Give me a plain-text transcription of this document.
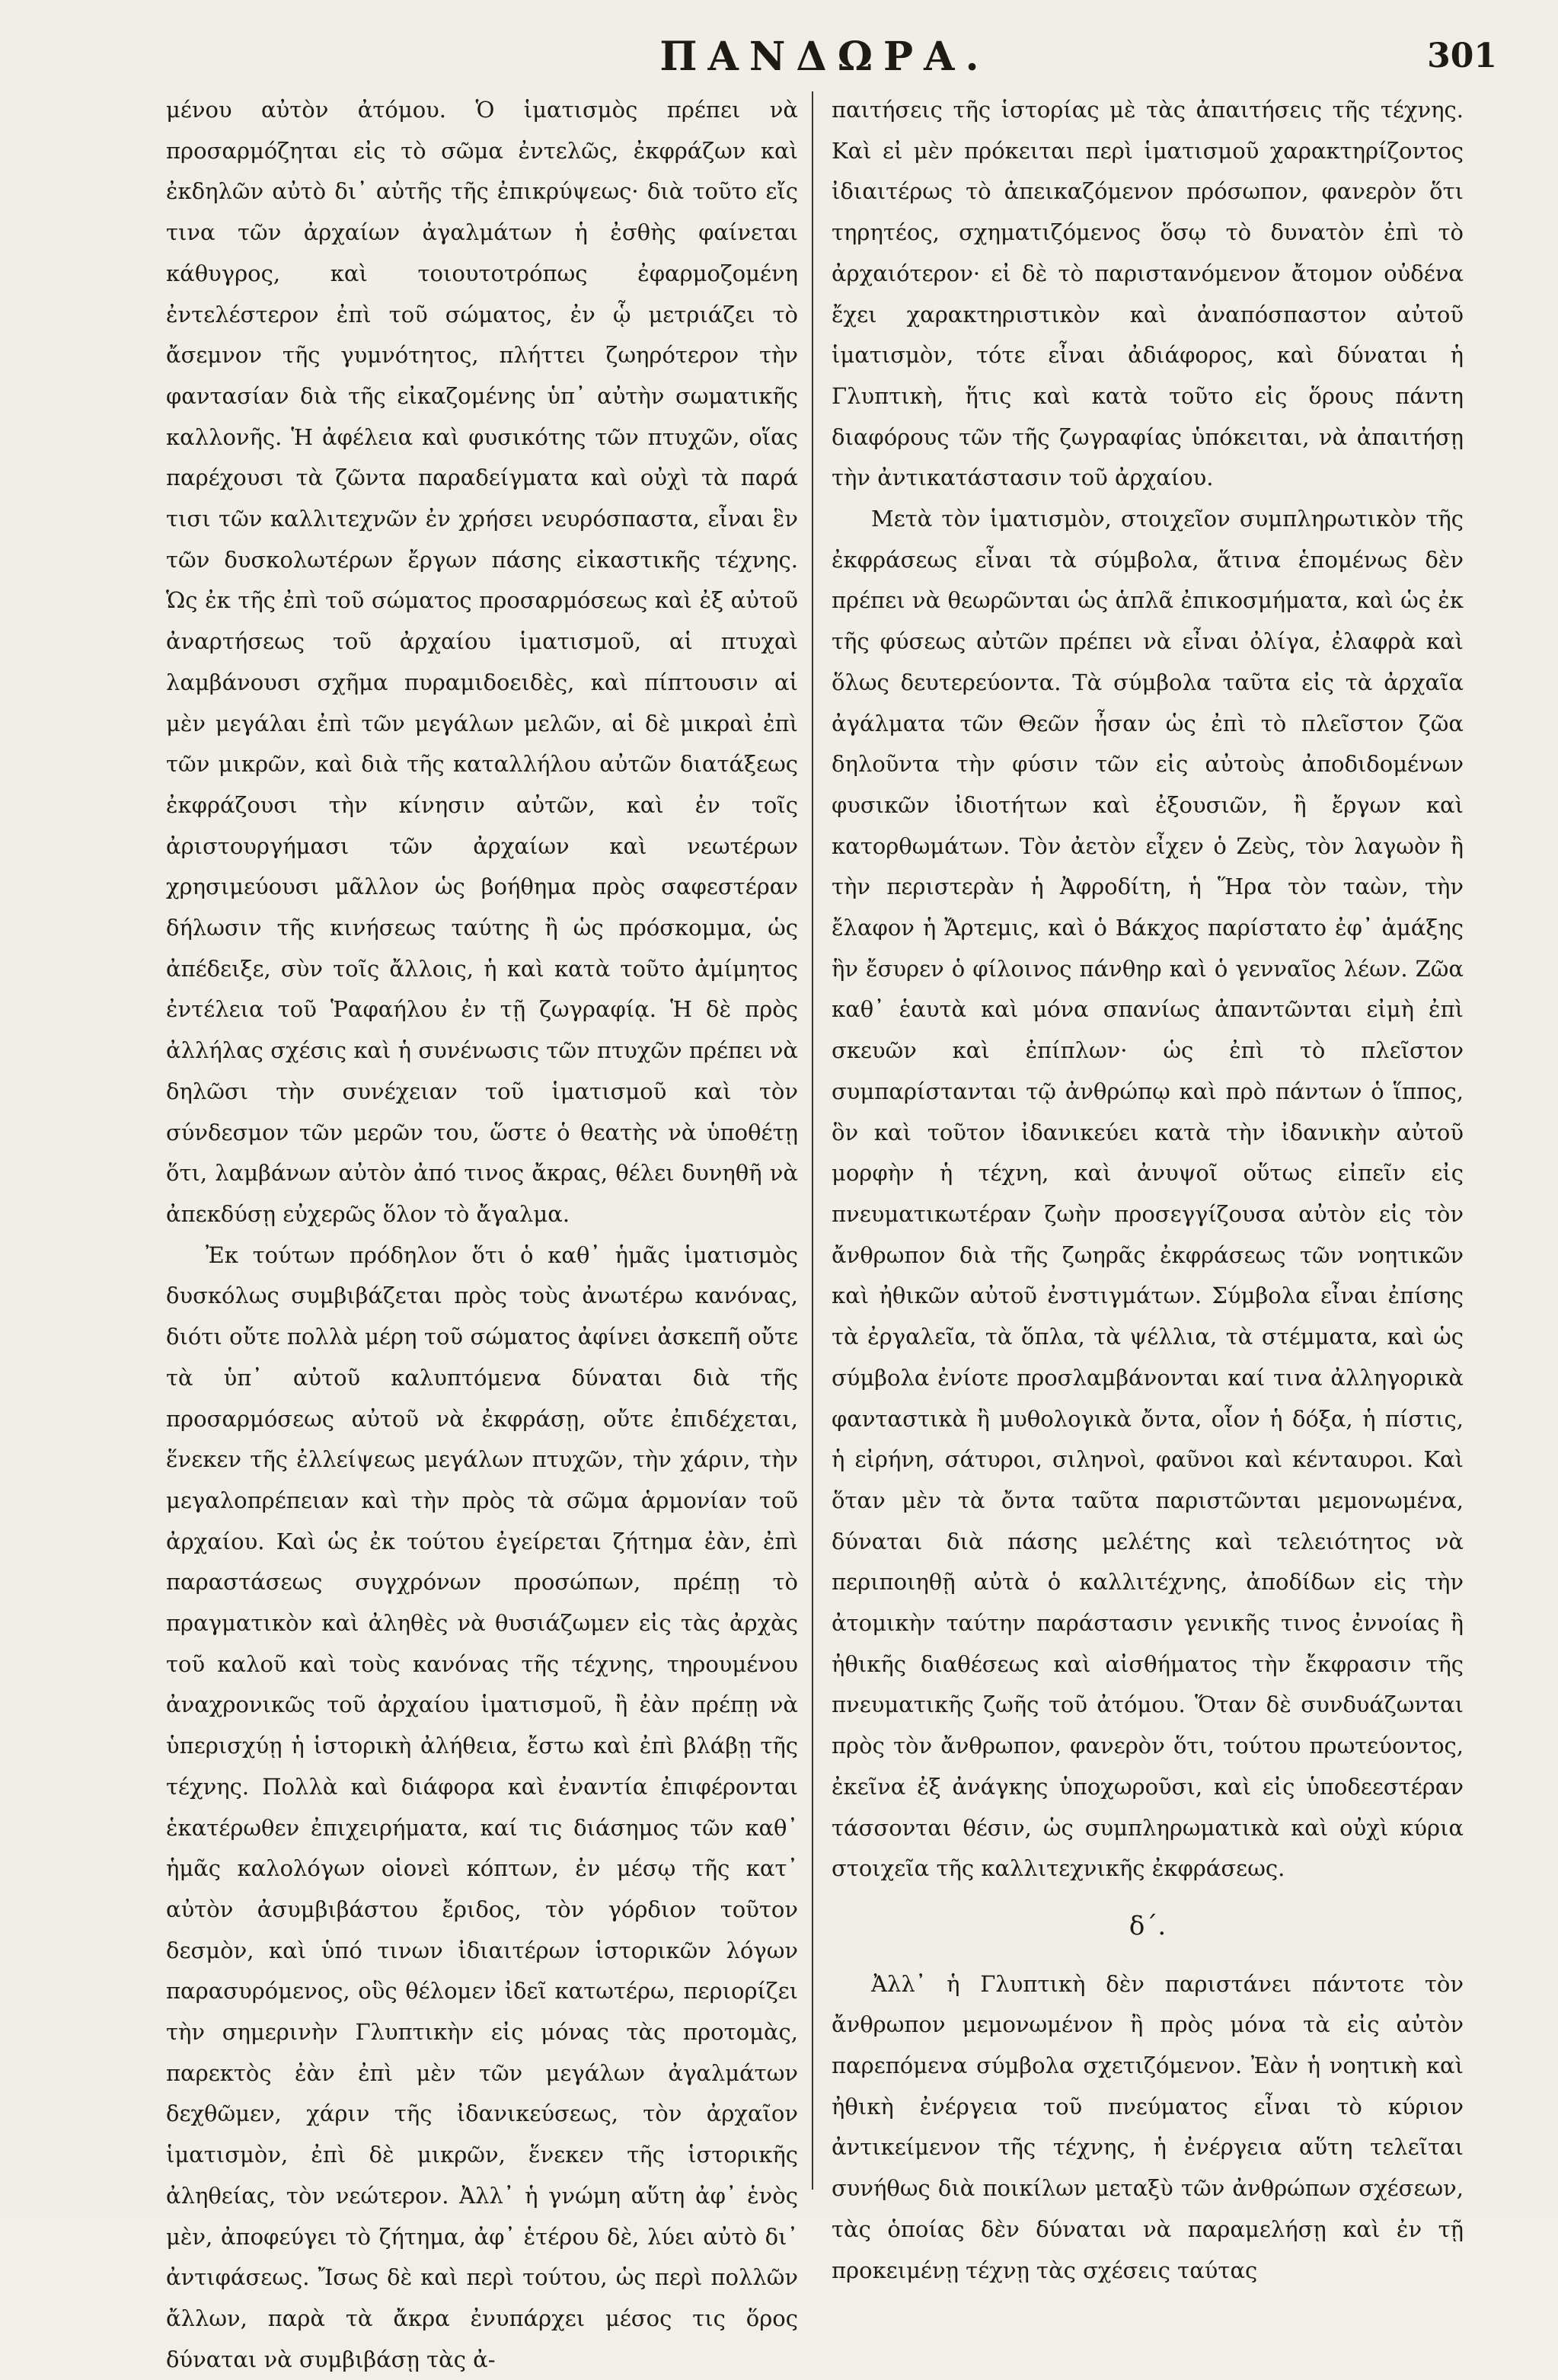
ΠΑΝΔΩΡΑ.	301

μένου αὐτὸν ἀτόμου. Ὁ ἱματισμὸς πρέπει νὰ προσαρμόζηται εἰς τὸ σῶμα ἐντελῶς, ἐκφράζων καὶ ἐκδηλῶν αὐτὸ δι᾽ αὐτῆς τῆς ἐπικρύψεως· διὰ τοῦτο εἴς τινα τῶν ἀρχαίων ἀγαλμάτων ἡ ἐσθὴς φαίνεται κάθυγρος, καὶ τοιουτοτρόπως ἐφαρμοζομένη ἐντελέστερον ἐπὶ τοῦ σώματος, ἐν ᾧ μετριάζει τὸ ἄσεμνον τῆς γυμνότητος, πλήττει ζωηρότερον τὴν φαντασίαν διὰ τῆς εἰκαζομένης ὑπ᾽ αὐτὴν σωματικῆς καλλονῆς. Ἡ ἀφέλεια καὶ φυσικότης τῶν πτυχῶν, οἵας παρέχουσι τὰ ζῶντα παραδείγματα καὶ οὐχὶ τὰ παρά τισι τῶν καλλιτεχνῶν ἐν χρήσει νευρόσπαστα, εἶναι ἓν τῶν δυσκολωτέρων ἔργων πάσης εἰκαστικῆς τέχνης. Ὡς ἐκ τῆς ἐπὶ τοῦ σώματος προσαρμόσεως καὶ ἐξ αὐτοῦ ἀναρτήσεως τοῦ ἀρχαίου ἱματισμοῦ, αἱ πτυχαὶ λαμβάνουσι σχῆμα πυραμιδοειδὲς, καὶ πίπτουσιν αἱ μὲν μεγάλαι ἐπὶ τῶν μεγάλων μελῶν, αἱ δὲ μικραὶ ἐπὶ τῶν μικρῶν, καὶ διὰ τῆς καταλλήλου αὐτῶν διατάξεως ἐκφράζουσι τὴν κίνησιν αὐτῶν, καὶ ἐν τοῖς ἀριστουργήμασι τῶν ἀρχαίων καὶ νεωτέρων χρησιμεύουσι μᾶλλον ὡς βοήθημα πρὸς σαφεστέραν δήλωσιν τῆς κινήσεως ταύτης ἢ ὡς πρόσκομμα, ὡς ἀπέδειξε, σὺν τοῖς ἄλλοις, ἡ καὶ κατὰ τοῦτο ἀμίμητος ἐντέλεια τοῦ Ῥαφαήλου ἐν τῇ ζωγραφίᾳ. Ἡ δὲ πρὸς ἀλλήλας σχέσις καὶ ἡ συνένωσις τῶν πτυχῶν πρέπει νὰ δηλῶσι τὴν συνέχειαν τοῦ ἱματισμοῦ καὶ τὸν σύνδεσμον τῶν μερῶν του, ὥστε ὁ θεατὴς νὰ ὑποθέτῃ ὅτι, λαμβάνων αὐτὸν ἀπό τινος ἄκρας, θέλει δυνηθῆ νὰ ἀπεκδύσῃ εὐχερῶς ὅλον τὸ ἄγαλμα.

Ἐκ τούτων πρόδηλον ὅτι ὁ καθ᾽ ἡμᾶς ἱματισμὸς δυσκόλως συμβιβάζεται πρὸς τοὺς ἀνωτέρω κανόνας, διότι οὔτε πολλὰ μέρη τοῦ σώματος ἀφίνει ἀσκεπῆ οὔτε τὰ ὑπ᾽ αὐτοῦ καλυπτόμενα δύναται διὰ τῆς προσαρμόσεως αὐτοῦ νὰ ἐκφράσῃ, οὔτε ἐπιδέχεται, ἕνεκεν τῆς ἐλλείψεως μεγάλων πτυχῶν, τὴν χάριν, τὴν μεγαλοπρέπειαν καὶ τὴν πρὸς τὰ σῶμα ἁρμονίαν τοῦ ἀρχαίου. Καὶ ὡς ἐκ τούτου ἐγείρεται ζήτημα ἐὰν, ἐπὶ παραστάσεως συγχρόνων προσώπων, πρέπῃ τὸ πραγματικὸν καὶ ἀληθὲς νὰ θυσιάζωμεν εἰς τὰς ἀρχὰς τοῦ καλοῦ καὶ τοὺς κανόνας τῆς τέχνης, τηρουμένου ἀναχρονικῶς τοῦ ἀρχαίου ἱματισμοῦ, ἢ ἐὰν πρέπῃ νὰ ὑπερισχύῃ ἡ ἱστορικὴ ἀλήθεια, ἔστω καὶ ἐπὶ βλάβῃ τῆς τέχνης. Πολλὰ καὶ διάφορα καὶ ἐναντία ἐπιφέρονται ἑκατέρωθεν ἐπιχειρήματα, καί τις διάσημος τῶν καθ᾽ ἡμᾶς καλολόγων οἱονεὶ κόπτων, ἐν μέσῳ τῆς κατ᾽ αὐτὸν ἀσυμβιβάστου ἔριδος, τὸν γόρδιον τοῦτον δεσμὸν, καὶ ὑπό τινων ἰδιαιτέρων ἱστορικῶν λόγων παρασυρόμενος, οὓς θέλομεν ἰδεῖ κατωτέρω, περιορίζει τὴν σημερινὴν Γλυπτικὴν εἰς μόνας τὰς προτομὰς, παρεκτὸς ἐὰν ἐπὶ μὲν τῶν μεγάλων ἀγαλμάτων δεχθῶμεν, χάριν τῆς ἰδανικεύσεως, τὸν ἀρχαῖον ἱματισμὸν, ἐπὶ δὲ μικρῶν, ἕνεκεν τῆς ἱστορικῆς ἀληθείας, τὸν νεώτερον. Ἀλλ᾽ ἡ γνώμη αὕτη ἀφ᾽ ἑνὸς μὲν, ἀποφεύγει τὸ ζήτημα, ἀφ᾽ ἑτέρου δὲ, λύει αὐτὸ δι᾽ ἀντιφάσεως. Ἴσως δὲ καὶ περὶ τούτου, ὡς περὶ πολλῶν ἄλλων, παρὰ τὰ ἄκρα ἐνυπάρχει μέσος τις ὅρος δύναται νὰ συμβιβάσῃ τὰς ἀ-

παιτήσεις τῆς ἱστορίας μὲ τὰς ἀπαιτήσεις τῆς τέχνης. Καὶ εἰ μὲν πρόκειται περὶ ἱματισμοῦ χαρακτηρίζοντος ἰδιαιτέρως τὸ ἀπεικαζόμενον πρόσωπον, φανερὸν ὅτι τηρητέος, σχηματιζόμενος ὅσῳ τὸ δυνατὸν ἐπὶ τὸ ἀρχαιότερον· εἰ δὲ τὸ παριστανόμενον ἄτομον οὐδένα ἔχει χαρακτηριστικὸν καὶ ἀναπόσπαστον αὐτοῦ ἱματισμὸν, τότε εἶναι ἀδιάφορος, καὶ δύναται ἡ Γλυπτικὴ, ἥτις καὶ κατὰ τοῦτο εἰς ὅρους πάντη διαφόρους τῶν τῆς ζωγραφίας ὑπόκειται, νὰ ἀπαιτήσῃ τὴν ἀντικατάστασιν τοῦ ἀρχαίου.

Μετὰ τὸν ἱματισμὸν, στοιχεῖον συμπληρωτικὸν τῆς ἐκφράσεως εἶναι τὰ σύμβολα, ἅτινα ἑπομένως δὲν πρέπει νὰ θεωρῶνται ὡς ἁπλᾶ ἐπικοσμήματα, καὶ ὡς ἐκ τῆς φύσεως αὐτῶν πρέπει νὰ εἶναι ὀλίγα, ἐλαφρὰ καὶ ὅλως δευτερεύοντα. Τὰ σύμβολα ταῦτα εἰς τὰ ἀρχαῖα ἀγάλματα τῶν Θεῶν ἦσαν ὡς ἐπὶ τὸ πλεῖστον ζῶα δηλοῦντα τὴν φύσιν τῶν εἰς αὐτοὺς ἀποδιδομένων φυσικῶν ἰδιοτήτων καὶ ἐξουσιῶν, ἢ ἔργων καὶ κατορθωμάτων. Τὸν ἀετὸν εἶχεν ὁ Ζεὺς, τὸν λαγωὸν ἢ τὴν περιστερὰν ἡ Ἀφροδίτη, ἡ Ἥρα τὸν ταὼν, τὴν ἔλαφον ἡ Ἄρτεμις, καὶ ὁ Βάκχος παρίστατο ἐφ᾽ ἁμάξης ἣν ἔσυρεν ὁ φίλοινος πάνθηρ καὶ ὁ γενναῖος λέων. Ζῶα καθ᾽ ἑαυτὰ καὶ μόνα σπανίως ἀπαντῶνται εἰμὴ ἐπὶ σκευῶν καὶ ἐπίπλων· ὡς ἐπὶ τὸ πλεῖστον συμπαρίστανται τῷ ἀνθρώπῳ καὶ πρὸ πάντων ὁ ἵππος, ὃν καὶ τοῦτον ἰδανικεύει κατὰ τὴν ἰδανικὴν αὐτοῦ μορφὴν ἡ τέχνη, καὶ ἀνυψοῖ οὕτως εἰπεῖν εἰς πνευματικωτέραν ζωὴν προσεγγίζουσα αὐτὸν εἰς τὸν ἄνθρωπον διὰ τῆς ζωηρᾶς ἐκφράσεως τῶν νοητικῶν καὶ ἠθικῶν αὐτοῦ ἐνστιγμάτων. Σύμβολα εἶναι ἐπίσης τὰ ἐργαλεῖα, τὰ ὅπλα, τὰ ψέλλια, τὰ στέμματα, καὶ ὡς σύμβολα ἐνίοτε προσλαμβάνονται καί τινα ἀλληγορικὰ φανταστικὰ ἢ μυθολογικὰ ὄντα, οἷον ἡ δόξα, ἡ πίστις, ἡ εἰρήνη, σάτυροι, σιληνοὶ, φαῦνοι καὶ κένταυροι. Καὶ ὅταν μὲν τὰ ὄντα ταῦτα παριστῶνται μεμονωμένα, δύναται διὰ πάσης μελέτης καὶ τελειότητος νὰ περιποιηθῇ αὐτὰ ὁ καλλιτέχνης, ἀποδίδων εἰς τὴν ἀτομικὴν ταύτην παράστασιν γενικῆς τινος ἐννοίας ἢ ἠθικῆς διαθέσεως καὶ αἰσθήματος τὴν ἔκφρασιν τῆς πνευματικῆς ζωῆς τοῦ ἀτόμου. Ὅταν δὲ συνδυάζωνται πρὸς τὸν ἄνθρωπον, φανερὸν ὅτι, τούτου πρωτεύοντος, ἐκεῖνα ἐξ ἀνάγκης ὑποχωροῦσι, καὶ εἰς ὑποδεεστέραν τάσσονται θέσιν, ὡς συμπληρωματικὰ καὶ οὐχὶ κύρια στοιχεῖα τῆς καλλιτεχνικῆς ἐκφράσεως.

δ΄.

Ἀλλ᾽ ἡ Γλυπτικὴ δὲν παριστάνει πάντοτε τὸν ἄνθρωπον μεμονωμένον ἢ πρὸς μόνα τὰ εἰς αὐτὸν παρεπόμενα σύμβολα σχετιζόμενον. Ἐὰν ἡ νοητικὴ καὶ ἠθικὴ ἐνέργεια τοῦ πνεύματος εἶναι τὸ κύριον ἀντικείμενον τῆς τέχνης, ἡ ἐνέργεια αὕτη τελεῖται συνήθως διὰ ποικίλων μεταξὺ τῶν ἀνθρώπων σχέσεων, τὰς ὁποίας δὲν δύναται νὰ παραμελήσῃ καὶ ἐν τῇ προκειμένῃ τέχνῃ τὰς σχέσεις ταύτας
